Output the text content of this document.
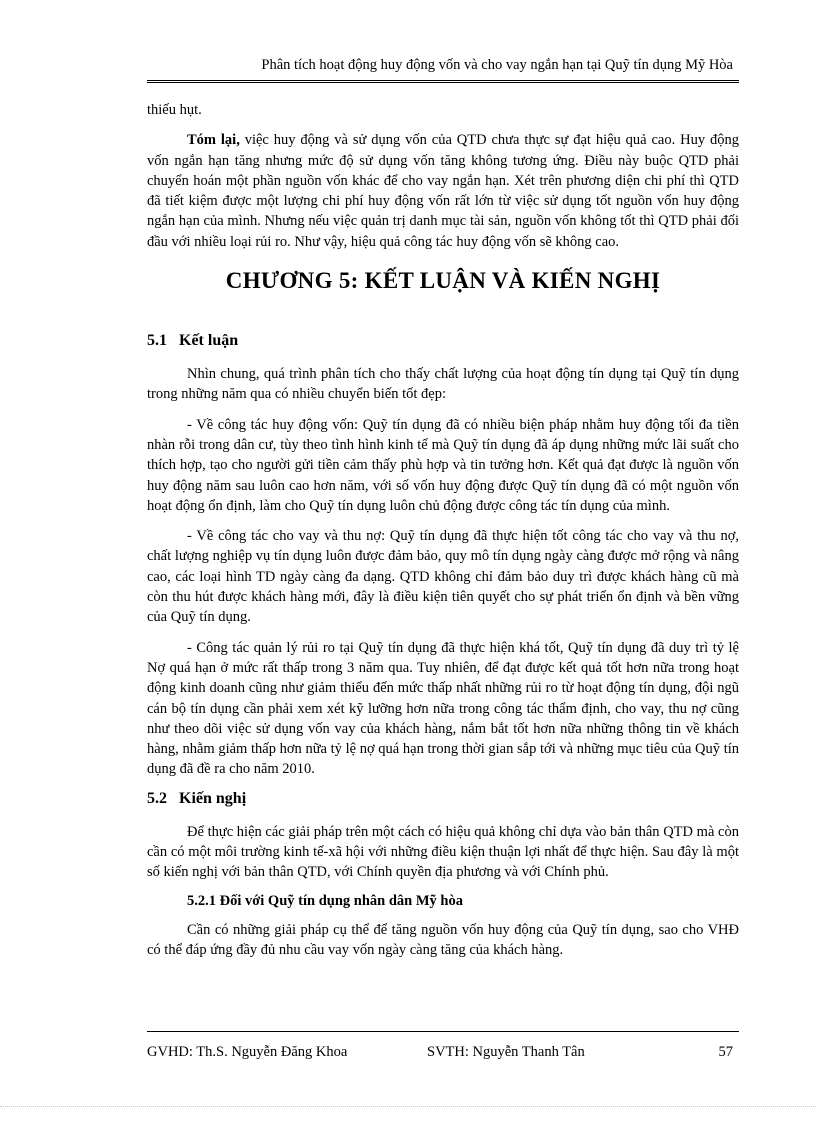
Phân tích hoạt động huy động vốn và cho vay ngắn hạn tại Quỹ tín dụng Mỹ Hòa

thiếu hụt.

Tóm lại, việc huy động và sử dụng vốn của QTD chưa thực sự đạt hiệu quả cao. Huy động vốn ngắn hạn tăng nhưng mức độ sử dụng vốn tăng không tương ứng. Điều này buộc QTD phải chuyển hoán một phần nguồn vốn khác để cho vay ngắn hạn. Xét trên phương diện chi phí thì QTD đã tiết kiệm được một lượng chi phí huy động vốn rất lớn từ việc sử dụng tốt nguồn vốn huy động ngắn hạn của mình. Nhưng nếu việc quản trị danh mục tài sản, nguồn vốn không tốt thì QTD phải đối đầu với nhiều loại rủi ro. Như vậy, hiệu quả công tác huy động vốn sẽ không cao.

CHƯƠNG 5: KẾT LUẬN VÀ KIẾN NGHỊ
5.1 Kết luận

Nhìn chung, quá trình phân tích cho thấy chất lượng của hoạt động tín dụng tại Quỹ tín dụng trong những năm qua có nhiều chuyển biến tốt đẹp:

- Về công tác huy động vốn: Quỹ tín dụng đã có nhiều biện pháp nhằm huy động tối đa tiền nhàn rỗi trong dân cư, tùy theo tình hình kinh tế mà Quỹ tín dụng đã áp dụng những mức lãi suất cho thích hợp, tạo cho người gửi tiền cảm thấy phù hợp và tin tưởng hơn. Kết quả đạt được là nguồn vốn huy động năm sau luôn cao hơn năm, với số vốn huy động được Quỹ tín dụng đã có một nguồn vốn hoạt động ổn định, làm cho Quỹ tín dụng luôn chủ động được công tác tín dụng của mình.

- Về công tác cho vay và thu nợ: Quỹ tín dụng đã thực hiện tốt công tác cho vay và thu nợ, chất lượng nghiệp vụ tín dụng luôn được đảm bảo, quy mô tín dụng ngày càng được mở rộng và nâng cao, các loại hình TD ngày càng đa dạng. QTD không chỉ đảm bảo duy trì được khách hàng cũ mà còn thu hút được khách hàng mới, đây là điều kiện tiên quyết cho sự phát triển ổn định và bền vững của Quỹ tín dụng.

- Công tác quản lý rủi ro tại Quỹ tín dụng đã thực hiện khá tốt, Quỹ tín dụng đã duy trì tỷ lệ Nợ quá hạn ở mức rất thấp trong 3 năm qua. Tuy nhiên, để đạt được kết quả tốt hơn nữa trong hoạt động kinh doanh cũng như giảm thiểu đến mức thấp nhất những rủi ro từ hoạt động tín dụng, đội ngũ cán bộ tín dụng cần phải xem xét kỹ lưỡng hơn nữa trong công tác thẩm định, cho vay, thu nợ cũng như theo dõi việc sử dụng vốn vay của khách hàng, nắm bắt tốt hơn nữa những thông tin về khách hàng, nhằm giảm thấp hơn nữa tỷ lệ nợ quá hạn trong thời gian sắp tới và những mục tiêu của Quỹ tín dụng đã đề ra cho năm 2010.

5.2 Kiến nghị

Để thực hiện các giải pháp trên một cách có hiệu quả không chỉ dựa vào bản thân QTD mà còn cần có một môi trường kinh tế-xã hội với những điều kiện thuận lợi nhất để thực hiện. Sau đây là một số kiến nghị với bản thân QTD, với Chính quyền địa phương và với Chính phủ.

5.2.1 Đối với Quỹ tín dụng nhân dân Mỹ hòa

Cần có những giải pháp cụ thể để tăng nguồn vốn huy động của Quỹ tín dụng, sao cho VHĐ có thể đáp ứng đầy đủ nhu cầu vay vốn ngày càng tăng của khách hàng.

GVHD: Th.S. Nguyễn Đăng Khoa	SVTH: Nguyễn Thanh Tân	57
